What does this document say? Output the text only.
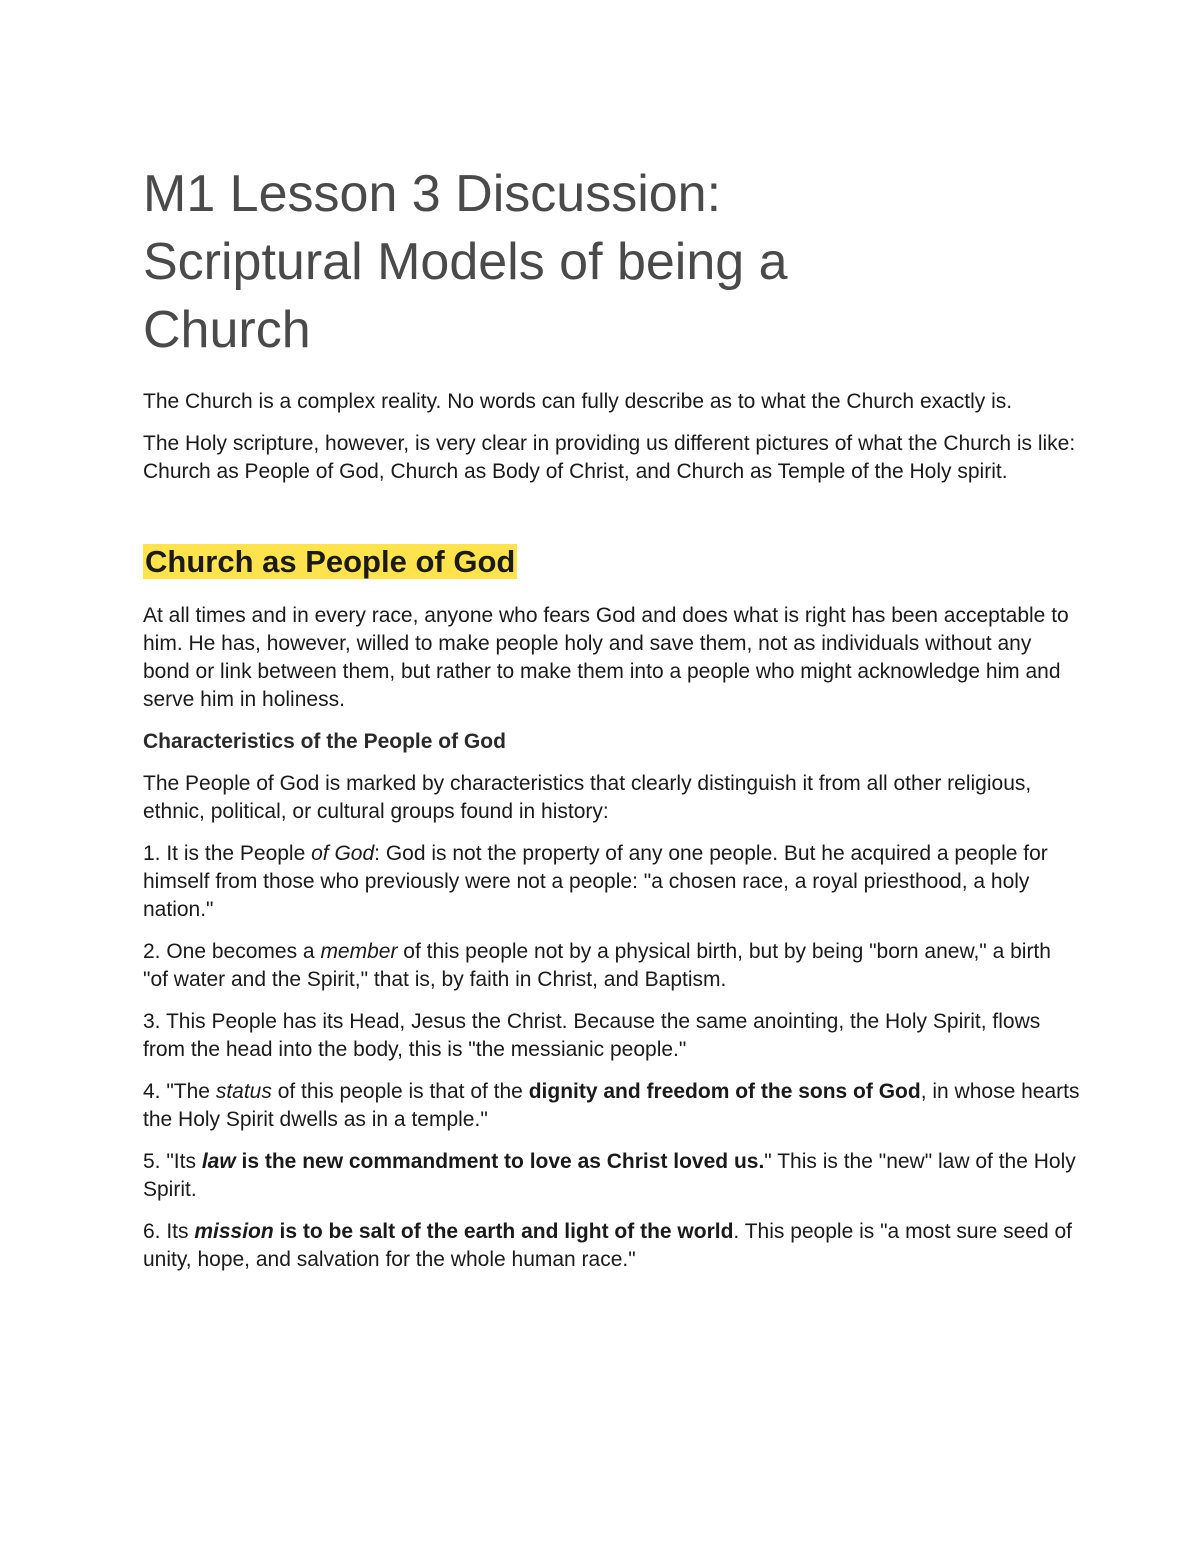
M1 Lesson 3 Discussion:
Scriptural Models of being a
Church

The Church is a complex reality. No words can fully describe as to what the Church exactly is.

The Holy scripture, however, is very clear in providing us different pictures of what the Church is like: Church as People of God, Church as Body of Christ, and Church as Temple of the Holy spirit.

Church as People of God

At all times and in every race, anyone who fears God and does what is right has been acceptable to him. He has, however, willed to make people holy and save them, not as individuals without any bond or link between them, but rather to make them into a people who might acknowledge him and serve him in holiness.

Characteristics of the People of God

The People of God is marked by characteristics that clearly distinguish it from all other religious, ethnic, political, or cultural groups found in history:

1. It is the People of God: God is not the property of any one people. But he acquired a people for himself from those who previously were not a people: "a chosen race, a royal priesthood, a holy nation."

2. One becomes a member of this people not by a physical birth, but by being "born anew," a birth "of water and the Spirit," that is, by faith in Christ, and Baptism.

3. This People has its Head, Jesus the Christ. Because the same anointing, the Holy Spirit, flows from the head into the body, this is "the messianic people."

4. "The status of this people is that of the dignity and freedom of the sons of God, in whose hearts the Holy Spirit dwells as in a temple."

5. "Its law is the new commandment to love as Christ loved us." This is the "new" law of the Holy Spirit.

6. Its mission is to be salt of the earth and light of the world. This people is "a most sure seed of unity, hope, and salvation for the whole human race."
